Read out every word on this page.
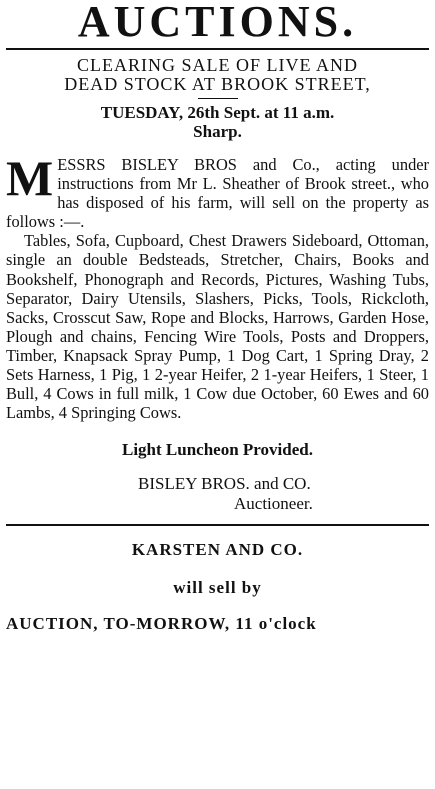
AUCTIONS.
CLEARING SALE OF LIVE AND
DEAD STOCK AT BROOK STREET,
TUESDAY, 26th Sept. at 11 a.m.
Sharp.

MESSRS BISLEY BROS and Co., acting under instructions from Mr L. Sheather of Brook street., who has disposed of his farm, will sell on the property as follows :—.

Tables, Sofa, Cupboard, Chest Drawers Sideboard, Ottoman, single an double Bedsteads, Stretcher, Chairs, Books and Bookshelf, Phonograph and Records, Pictures, Washing Tubs, Separator, Dairy Utensils, Slashers, Picks, Tools, Rickcloth, Sacks, Crosscut Saw, Rope and Blocks, Harrows, Garden Hose, Plough and chains, Fencing Wire Tools, Posts and Droppers, Timber, Knapsack Spray Pump, 1 Dog Cart, 1 Spring Dray, 2 Sets Harness, 1 Pig, 1 2-year Heifer, 2 1-year Heifers, 1 Steer, 1 Bull, 4 Cows in full milk, 1 Cow due October, 60 Ewes and 60 Lambs, 4 Springing Cows.

Light Luncheon Provided.
BISLEY BROS. and CO.
Auctioneer.
KARSTEN AND CO.
will sell by
AUCTION, TO-MORROW, 11 o'clock
